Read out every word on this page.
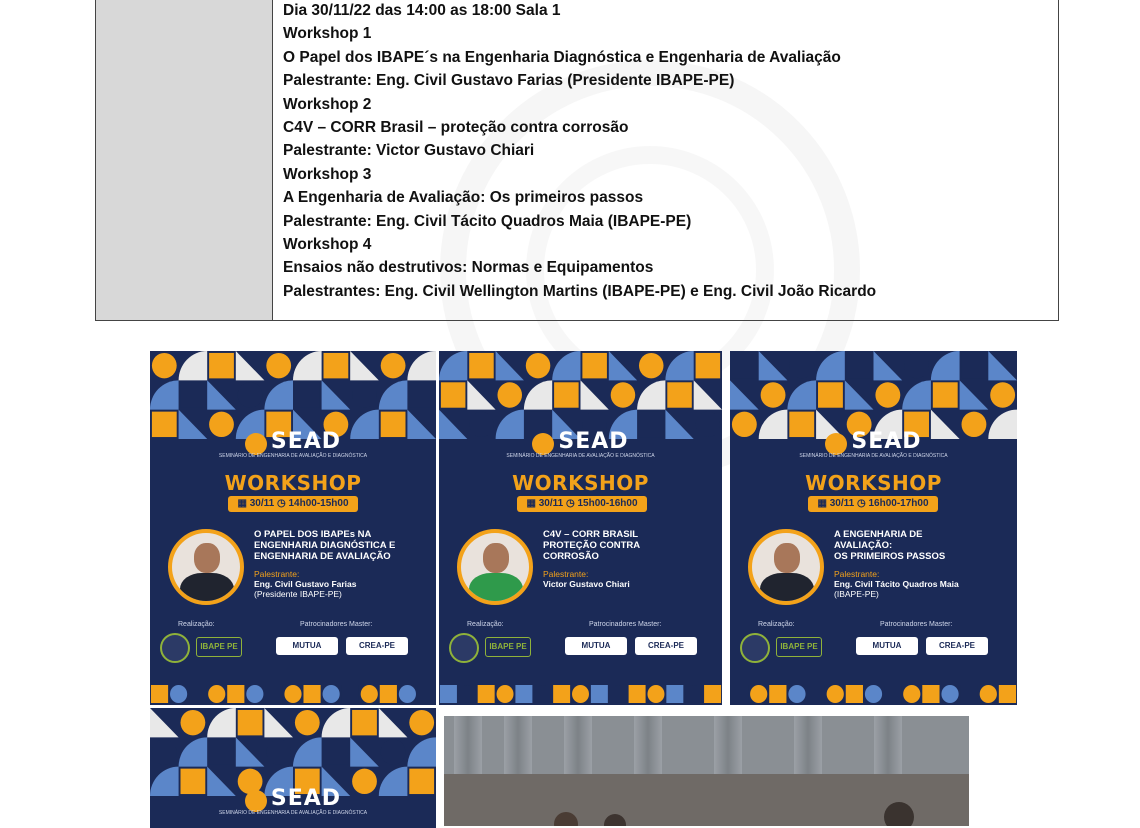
Dia 30/11/22 das 14:00 as 18:00 Sala 1
Workshop 1
O Papel dos IBAPE´s na Engenharia Diagnóstica e Engenharia de Avaliação
Palestrante: Eng. Civil Gustavo Farias (Presidente IBAPE-PE)
Workshop 2
C4V – CORR Brasil – proteção contra corrosão
Palestrante: Victor Gustavo Chiari
Workshop 3
A Engenharia de Avaliação: Os primeiros passos
Palestrante: Eng. Civil Tácito Quadros Maia (IBAPE-PE)
Workshop 4
Ensaios não destrutivos: Normas e Equipamentos
Palestrantes: Eng. Civil Wellington Martins (IBAPE-PE) e Eng. Civil João Ricardo
SEAD
SEMINÁRIO DE ENGENHARIA DE AVALIAÇÃO E DIAGNÓSTICA
WORKSHOP
▦ 30/11 ◷ 14h00-15h00
O PAPEL DOS IBAPEs NA
ENGENHARIA DIAGNÓSTICA E
ENGENHARIA DE AVALIAÇÃO
Palestrante:
Eng. Civil Gustavo Farias
(Presidente IBAPE-PE)
Realização:	Patrocinadores Master:
IBAPE PE	MUTUA	CREA-PE
SEAD
SEMINÁRIO DE ENGENHARIA DE AVALIAÇÃO E DIAGNÓSTICA
WORKSHOP
▦ 30/11 ◷ 15h00-16h00
C4V – CORR BRASIL
PROTEÇÃO CONTRA
CORROSÃO
Palestrante:
Victor Gustavo Chiari
Realização:	Patrocinadores Master:
IBAPE PE	MUTUA	CREA-PE
SEAD
SEMINÁRIO DE ENGENHARIA DE AVALIAÇÃO E DIAGNÓSTICA
WORKSHOP
▦ 30/11 ◷ 16h00-17h00
A ENGENHARIA DE
AVALIAÇÃO:
OS PRIMEIROS PASSOS
Palestrante:
Eng. Civil Tácito Quadros Maia
(IBAPE-PE)
Realização:	Patrocinadores Master:
IBAPE PE	MUTUA	CREA-PE
SEAD
SEMINÁRIO DE ENGENHARIA DE AVALIAÇÃO E DIAGNÓSTICA
